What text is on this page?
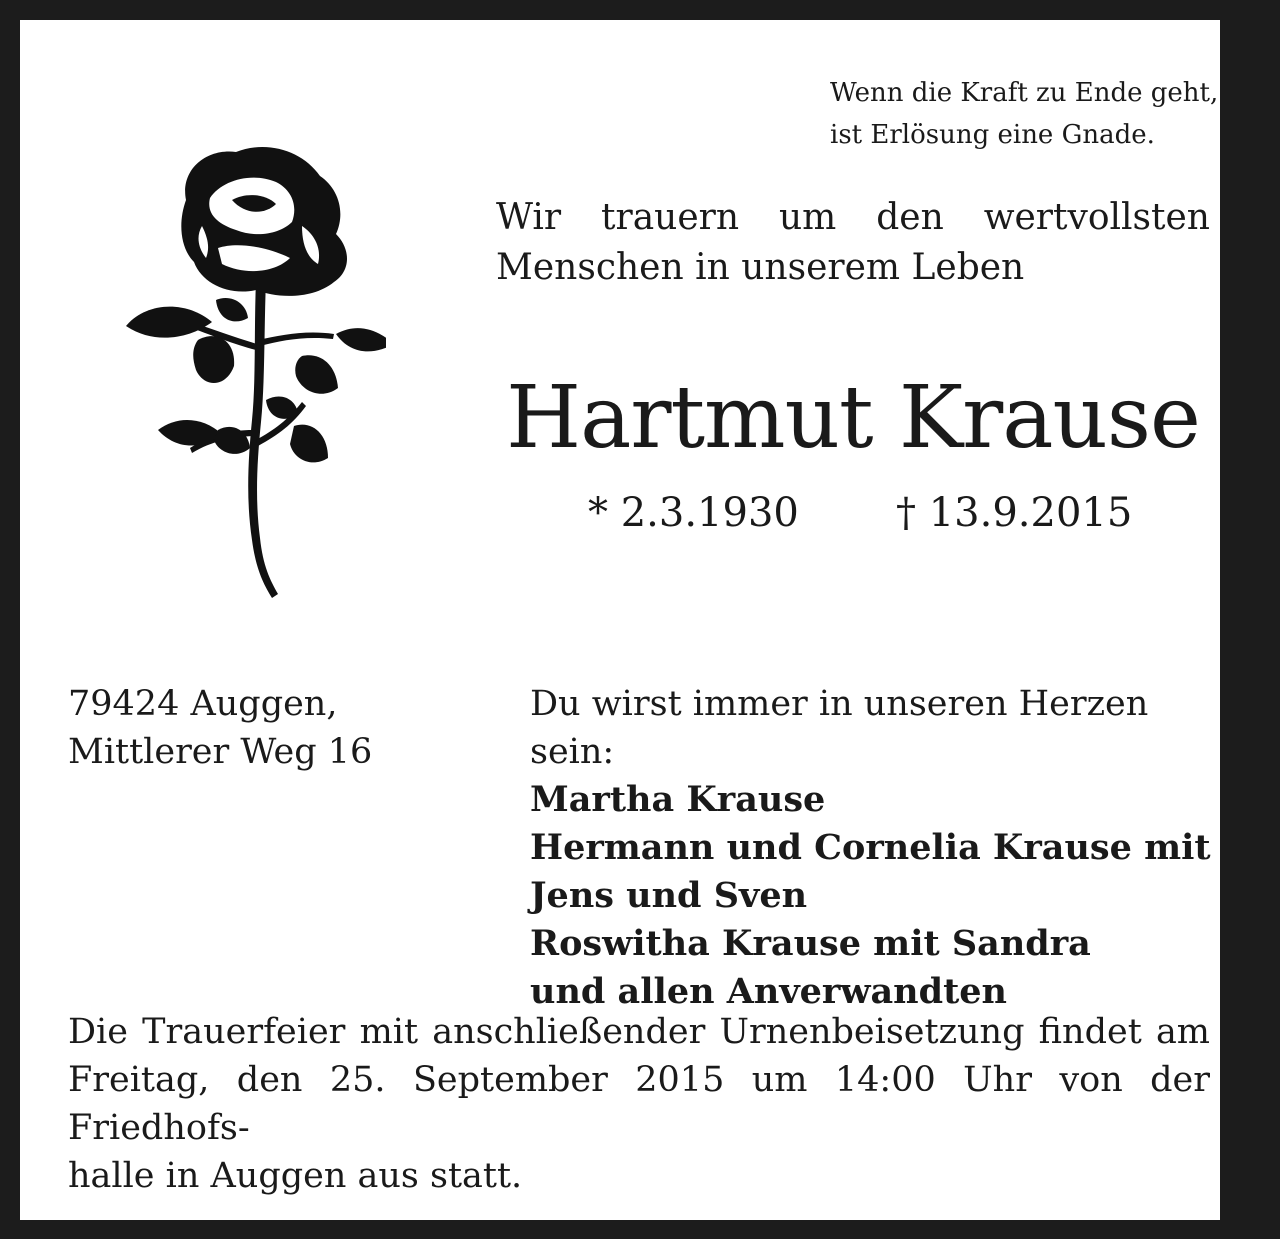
Wenn die Kraft zu Ende geht,
ist Erlösung eine Gnade.
Wir trauern um den wertvollsten
Menschen in unserem Leben
Hartmut Krause
* 2.3.1930 † 13.9.2015
79424 Auggen,
Mittlerer Weg 16
Du wirst immer in unseren Herzen sein:
Martha Krause
Hermann und Cornelia Krause mit
Jens und Sven
Roswitha Krause mit Sandra
und allen Anverwandten
Die Trauerfeier mit anschließender Urnenbeisetzung findet am
Freitag, den 25. September 2015 um 14:00 Uhr von der Friedhofs-
halle in Auggen aus statt.
